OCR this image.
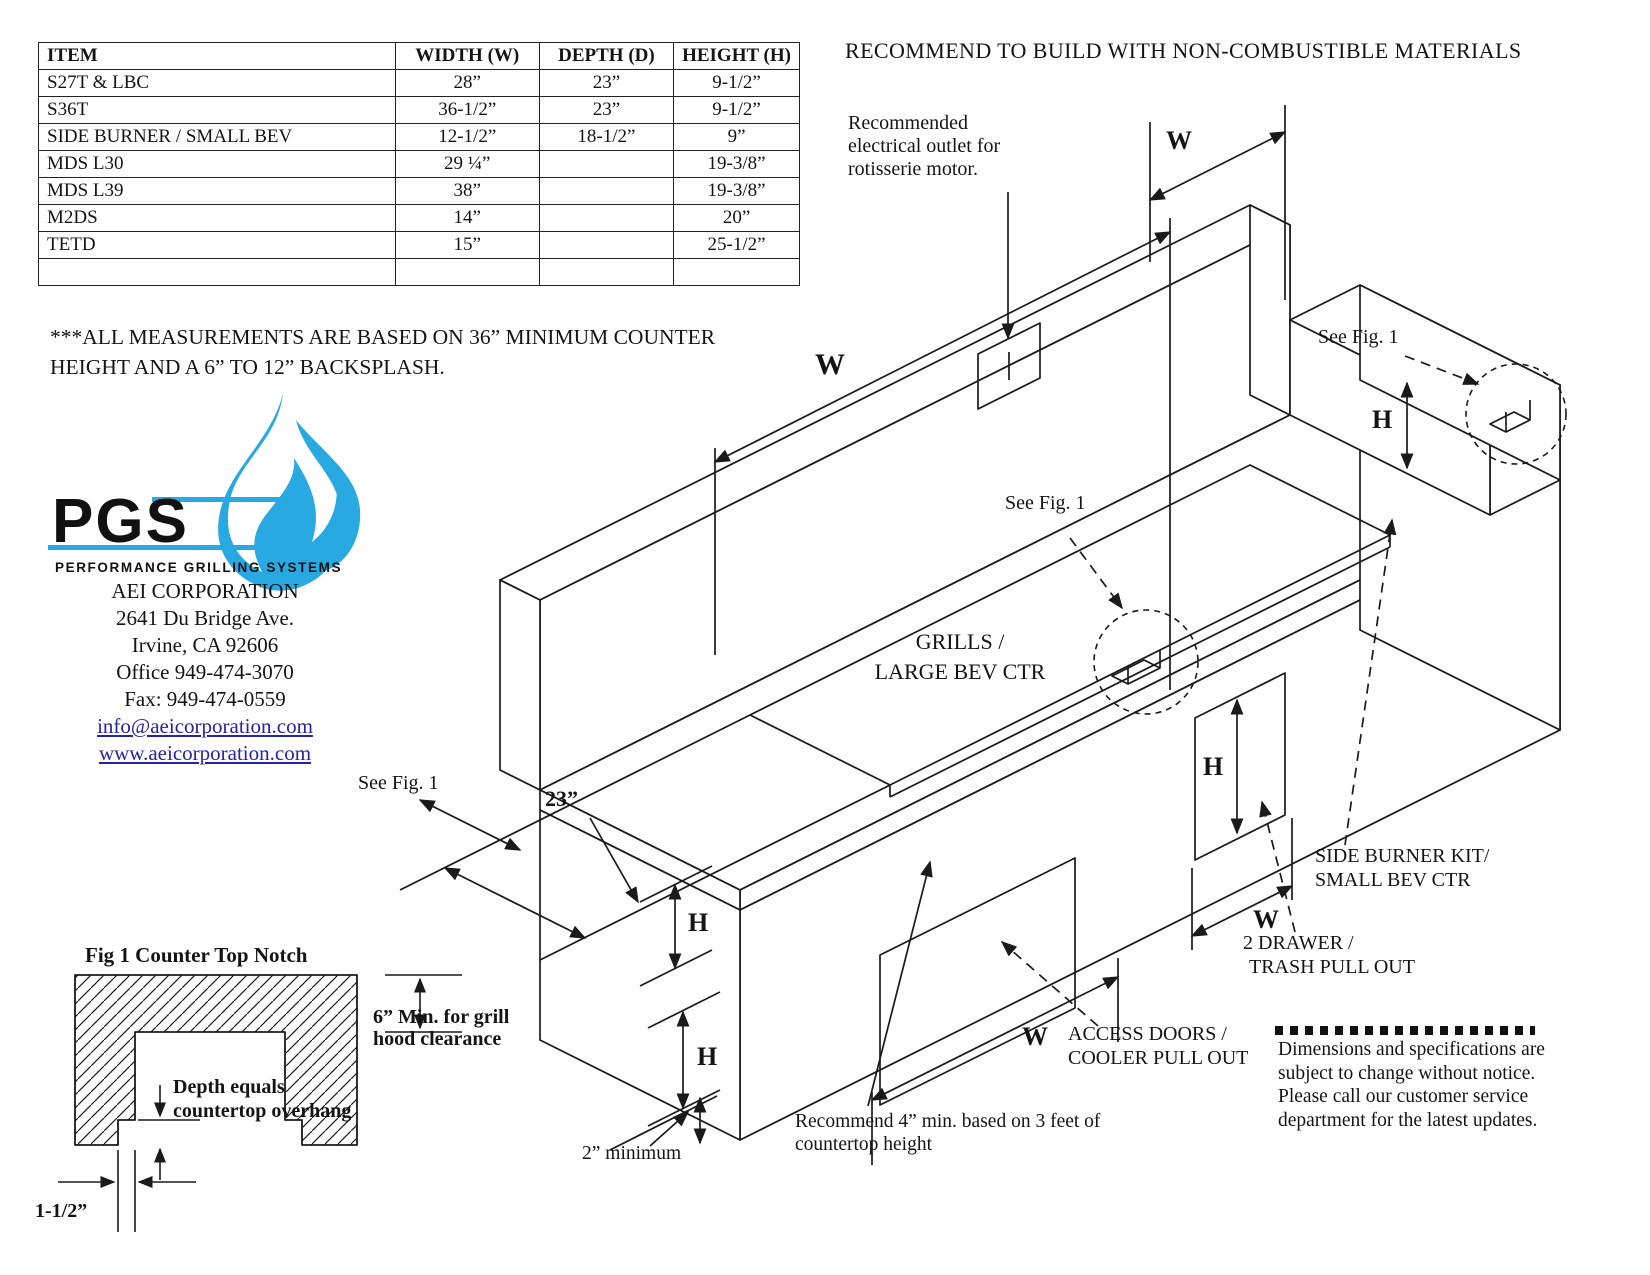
RECOMMEND TO BUILD WITH NON-COMBUSTIBLE MATERIALS
ITEM	WIDTH (W)	DEPTH (D)	HEIGHT (H)
S27T & LBC	28”	23”	9-1/2”
S36T	36-1/2”	23”	9-1/2”
SIDE BURNER / SMALL BEV	12-1/2”	18-1/2”	9”
MDS L30	29 ¼”		19-3/8”
MDS L39	38”		19-3/8”
M2DS	14”		20”
TETD	15”		25-1/2”

***ALL MEASUREMENTS ARE BASED ON 36” MINIMUM COUNTER HEIGHT AND A 6” TO 12” BACKSPLASH.
PGS
PERFORMANCE GRILLING SYSTEMS
AEI CORPORATION
2641 Du Bridge Ave.
Irvine, CA 92606
Office 949-474-3070
Fax: 949-474-0559
info@aeicorporation.com
www.aeicorporation.com
Recommended electrical outlet for rotisserie motor.
W
W
See Fig. 1
See Fig. 1
See Fig. 1
H
GRILLS /
LARGE BEV CTR
23”
H
H
H
W
W
SIDE BURNER KIT/
SMALL BEV CTR
2 DRAWER /
TRASH PULL OUT
ACCESS DOORS /
COOLER PULL OUT
Recommend 4” min. based on 3 feet of countertop height
2” minimum
Fig 1 Counter Top Notch
6” Min. for grill hood clearance
Depth equals
countertop overhang
1-1/2”
Dimensions and specifications are subject to change without notice. Please call our customer service department for the latest updates.
